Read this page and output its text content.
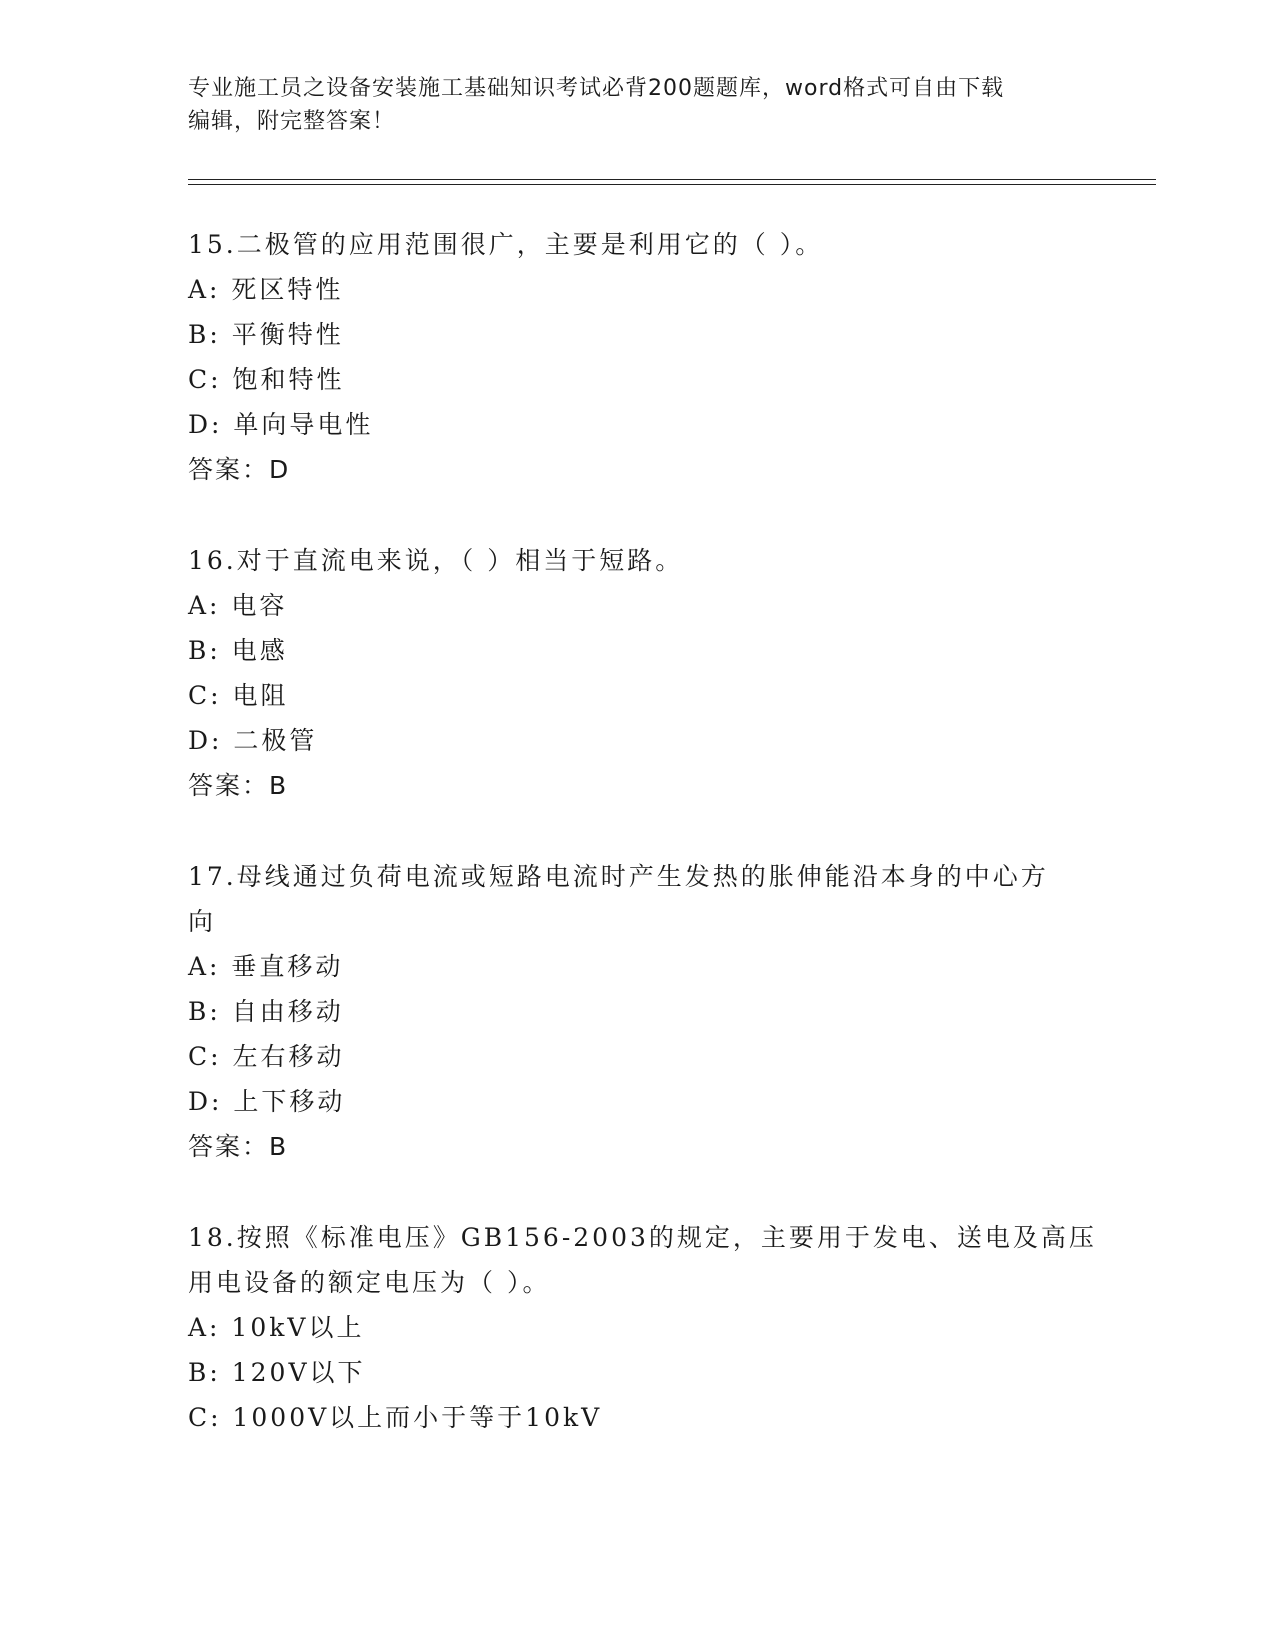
专业施工员之设备安装施工基础知识考试必背200题题库，word格式可自由下载
编辑，附完整答案！
15.二极管的应用范围很广，主要是利用它的（ ）。
A: 死区特性
B: 平衡特性
C: 饱和特性
D: 单向导电性
答案：D
16.对于直流电来说，（ ）相当于短路。
A: 电容
B: 电感
C: 电阻
D: 二极管
答案：B
17.母线通过负荷电流或短路电流时产生发热的胀伸能沿本身的中心方
向
A: 垂直移动
B: 自由移动
C: 左右移动
D: 上下移动
答案：B
18.按照《标准电压》GB156-2003的规定，主要用于发电、送电及高压
用电设备的额定电压为（ ）。
A: 10kV以上
B: 120V以下
C: 1000V以上而小于等于10kV
